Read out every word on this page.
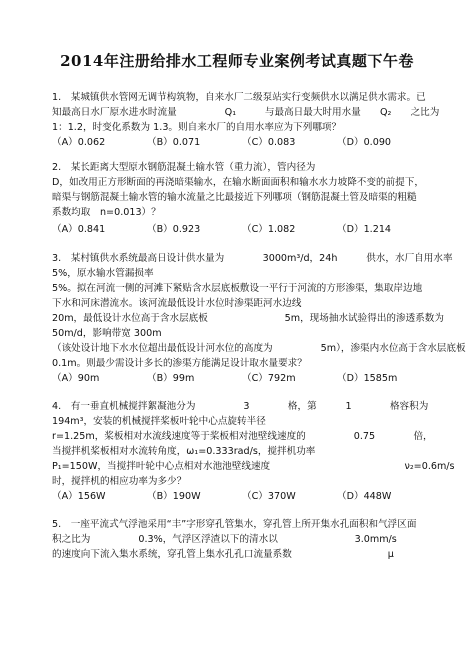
2014年注册给排水工程师专业案例考试真题下午卷
1.　某城镇供水管网无调节构筑物，自来水厂二级泵站实行变频供水以满足供水需求。已
知最高日水厂原水进水时流量　　　　　Q₁　　　与最高日最大时用水量　　Q₂　　之比为
1：1.2，时变化系数为 1.3。则自来水厂的自用水率应为下列哪项？
（A）0.062	（B）0.071	（C）0.083	（D）0.090
2.　某长距离大型原水钢筋混凝土输水管（重力流），管内径为
D，如改用正方形断面的再浇暗渠输水，在输水断面面积和输水水力坡降不变的前提下，
暗渠与钢筋混凝土输水管的输水流量之比最接近下列哪项（钢筋混凝土管及暗渠的粗糙
系数均取　n=0.013）？
（A）0.841	（B）0.923	（C）1.082	（D）1.214
3.　某村镇供水系统最高日设计供水量为　　　　3000m³/d，24h　　　供水，水厂自用水率
5%，原水输水管漏损率
5%。拟在河流一侧的河滩下紧贴含水层底板敷设一平行于河流的方形渗渠，集取岸边地
下水和河床潜流水。该河流最低设计水位时渗渠距河水边线
20m，最低设计水位高于含水层底板　　　　　　　　5m，现场抽水试验得出的渗透系数为
50m/d，影响带宽 300m
（该处设计地下水水位超出最低设计河水位的高度为　　　　　5m），渗渠内水位高于含水层底板
0.1m。则最少需设计多长的渗渠方能满足设计取水量要求？
（A）90m	（B）99m	（C）792m	（D）1585m
4.　有一垂直机械搅拌絮凝池分为　　　　　3　　　　格，第　　　1　　　　格容积为
194m³，安装的机械搅拌桨板叶轮中心点旋转半径
r=1.25m，桨板相对水流线速度等于桨板相对池壁线速度的　　　　　0.75　　　　倍，
当搅拌机桨板相对水流转角度，ω₁=0.333rad/s，搅拌机功率
P₁=150W，当搅拌叶轮中心点相对水池池壁线速度　　　　　　　　　　　　　　ν₂=0.6m/s
时，搅拌机的相应功率为多少？
（A）156W	（B）190W	（C）370W	（D）448W
5.　一座平流式气浮池采用“丰”字形穿孔管集水，穿孔管上所开集水孔面积和气浮区面
积之比为　　　　　0.3%，气浮区浮渣以下的清水以　　　　　　　　3.0mm/s
的速度向下流入集水系统，穿孔管上集水孔孔口流量系数　　　　　　　　　　μ
